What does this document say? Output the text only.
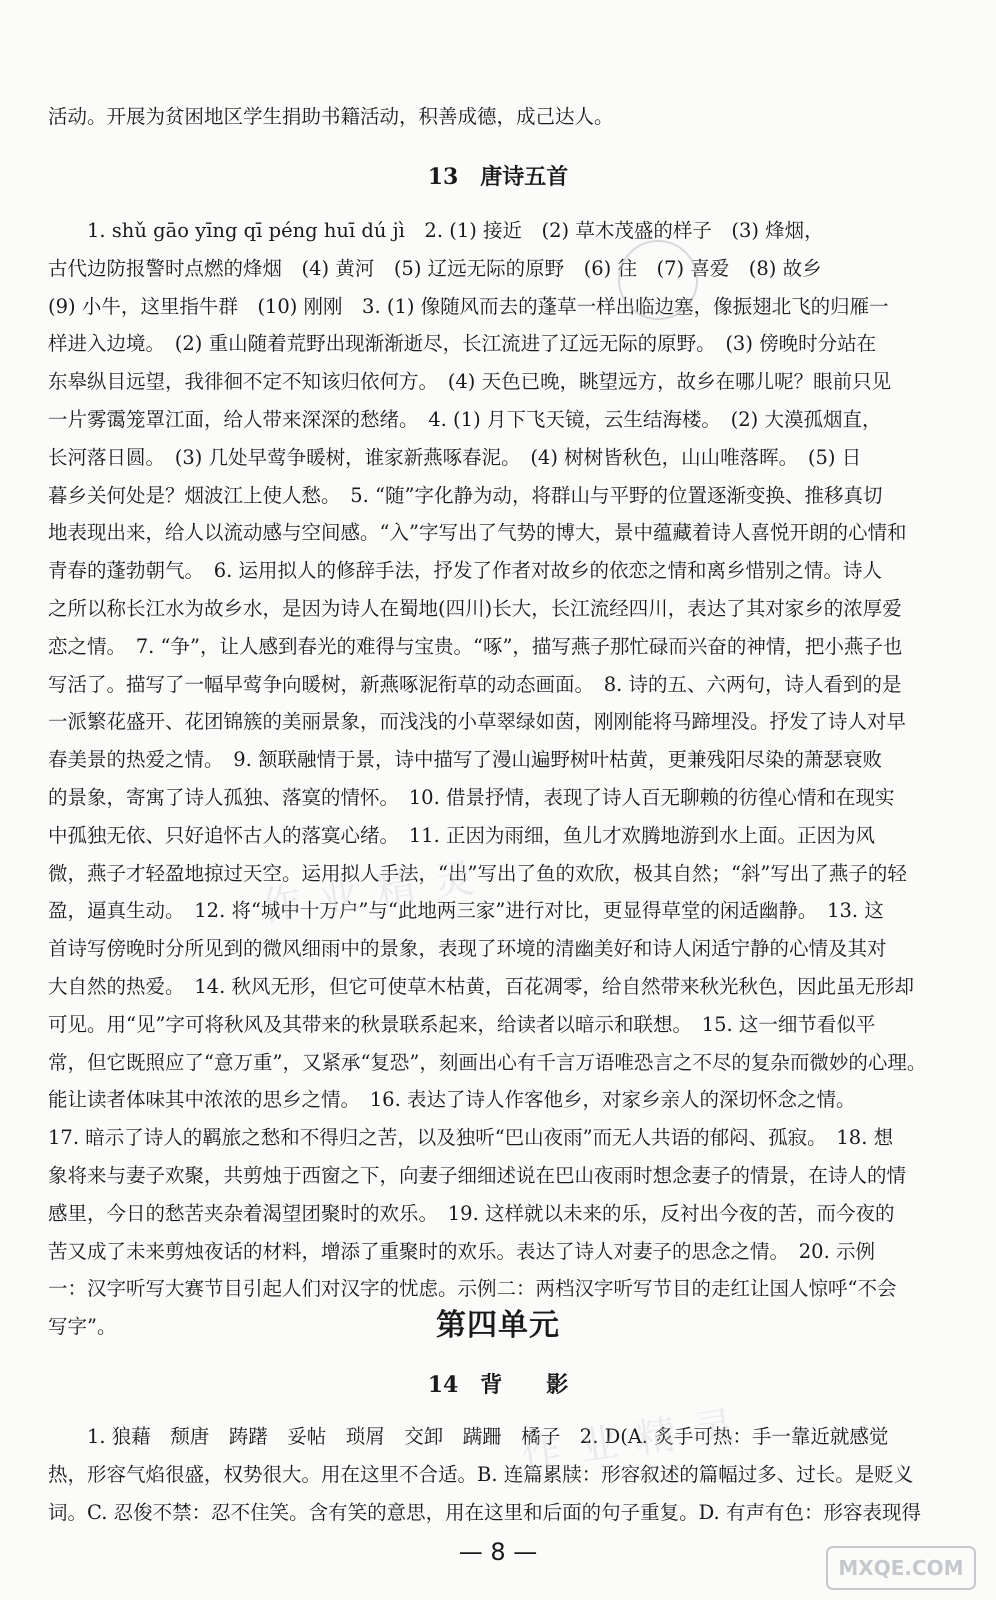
活动。开展为贫困地区学生捐助书籍活动，积善成德，成己达人。

13　唐诗五首
1. shǔ gāo yīng qī péng huī dú jì　2. (1) 接近　(2) 草木茂盛的样子　(3) 烽烟，
古代边防报警时点燃的烽烟　(4) 黄河　(5) 辽远无际的原野　(6) 往　(7) 喜爱　(8) 故乡
(9) 小牛，这里指牛群　(10) 刚刚　3. (1) 像随风而去的蓬草一样出临边塞，像振翅北飞的归雁一
样进入边境。　(2) 重山随着荒野出现渐渐逝尽，长江流进了辽远无际的原野。　(3) 傍晚时分站在
东皋纵目远望，我徘徊不定不知该归依何方。　(4) 天色已晚，眺望远方，故乡在哪儿呢？眼前只见
一片雾霭笼罩江面，给人带来深深的愁绪。　4. (1) 月下飞天镜，云生结海楼。　(2) 大漠孤烟直，
长河落日圆。　(3) 几处早莺争暖树，谁家新燕啄春泥。　(4) 树树皆秋色，山山唯落晖。　(5) 日
暮乡关何处是？烟波江上使人愁。　5. “随”字化静为动，将群山与平野的位置逐渐变换、推移真切
地表现出来，给人以流动感与空间感。“入”字写出了气势的博大，景中蕴藏着诗人喜悦开朗的心情和
青春的蓬勃朝气。　6. 运用拟人的修辞手法，抒发了作者对故乡的依恋之情和离乡惜别之情。诗人
之所以称长江水为故乡水，是因为诗人在蜀地(四川)长大，长江流经四川，表达了其对家乡的浓厚爱
恋之情。　7. “争”，让人感到春光的难得与宝贵。“啄”，描写燕子那忙碌而兴奋的神情，把小燕子也
写活了。描写了一幅早莺争向暖树，新燕啄泥衔草的动态画面。　8. 诗的五、六两句，诗人看到的是
一派繁花盛开、花团锦簇的美丽景象，而浅浅的小草翠绿如茵，刚刚能将马蹄埋没。抒发了诗人对早
春美景的热爱之情。　9. 颔联融情于景，诗中描写了漫山遍野树叶枯黄，更兼残阳尽染的萧瑟衰败
的景象，寄寓了诗人孤独、落寞的情怀。　10. 借景抒情，表现了诗人百无聊赖的彷徨心情和在现实
中孤独无依、只好追怀古人的落寞心绪。　11. 正因为雨细，鱼儿才欢腾地游到水上面。正因为风
微，燕子才轻盈地掠过天空。运用拟人手法，“出”写出了鱼的欢欣，极其自然；“斜”写出了燕子的轻
盈，逼真生动。　12. 将“城中十万户”与“此地两三家”进行对比，更显得草堂的闲适幽静。　13. 这
首诗写傍晚时分所见到的微风细雨中的景象，表现了环境的清幽美好和诗人闲适宁静的心情及其对
大自然的热爱。　14. 秋风无形，但它可使草木枯黄，百花凋零，给自然带来秋光秋色，因此虽无形却
可见。用“见”字可将秋风及其带来的秋景联系起来，给读者以暗示和联想。　15. 这一细节看似平
常，但它既照应了“意万重”，又紧承“复恐”，刻画出心有千言万语唯恐言之不尽的复杂而微妙的心理。
能让读者体味其中浓浓的思乡之情。　16. 表达了诗人作客他乡，对家乡亲人的深切怀念之情。
17. 暗示了诗人的羁旅之愁和不得归之苦，以及独听“巴山夜雨”而无人共语的郁闷、孤寂。　18. 想
象将来与妻子欢聚，共剪烛于西窗之下，向妻子细细述说在巴山夜雨时想念妻子的情景，在诗人的情
感里，今日的愁苦夹杂着渴望团聚时的欢乐。　19. 这样就以未来的乐，反衬出今夜的苦，而今夜的
苦又成了未来剪烛夜话的材料，增添了重聚时的欢乐。表达了诗人对妻子的思念之情。　20. 示例
一：汉字听写大赛节目引起人们对汉字的忧虑。示例二：两档汉字听写节目的走红让国人惊呼“不会
写字”。	第四单元
14　背　　影
1. 狼藉　颓唐　踌躇　妥帖　琐屑　交卸　蹒跚　橘子　2. D(A. 炙手可热：手一靠近就感觉
热，形容气焰很盛，权势很大。用在这里不合适。B. 连篇累牍：形容叙述的篇幅过多、过长。是贬义
词。C. 忍俊不禁：忍不住笑。含有笑的意思，用在这里和后面的句子重复。D. 有声有色：形容表现得
— 8 —
作业精灵
作业精灵
MXQE.COM
